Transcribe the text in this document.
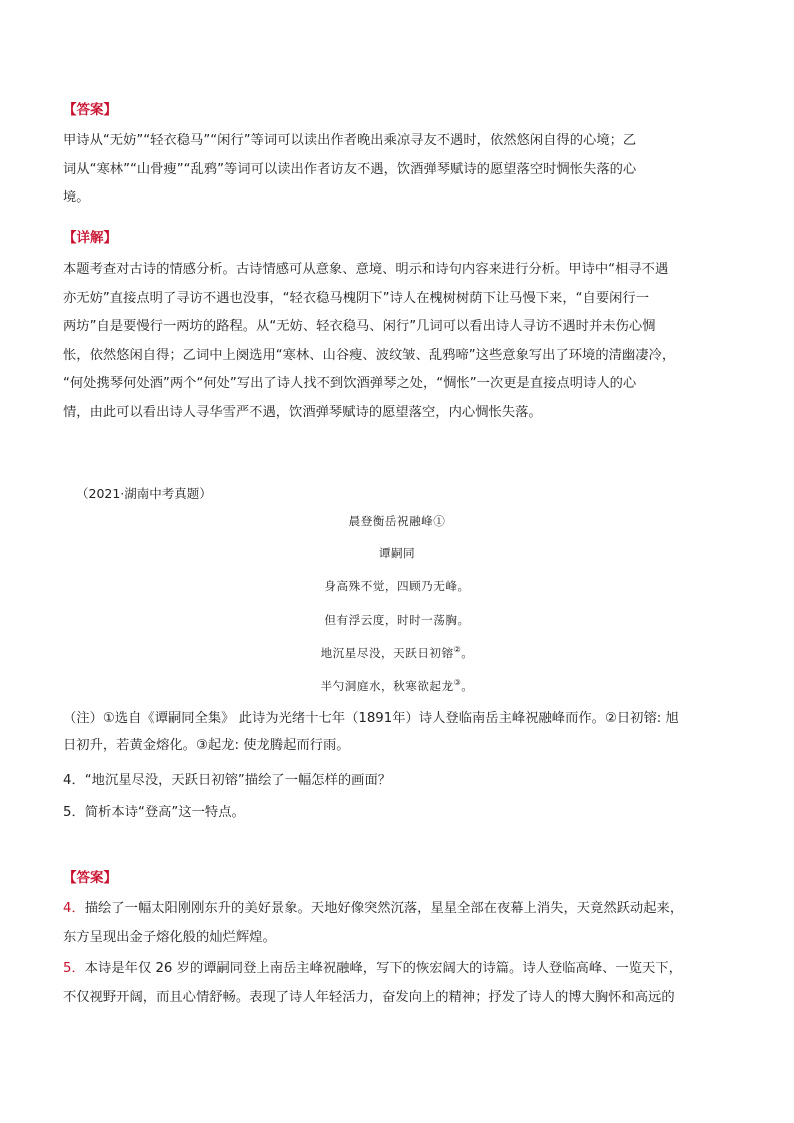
【答案】
甲诗从“无妨”“轻衣稳马”“闲行”等词可以读出作者晚出乘凉寻友不遇时，依然悠闲自得的心境；乙
词从“寒林”“山骨瘦”“乱鸦”等词可以读出作者访友不遇，饮酒弹琴赋诗的愿望落空时惆怅失落的心
境。
【详解】
本题考查对古诗的情感分析。古诗情感可从意象、意境、明示和诗句内容来进行分析。甲诗中“相寻不遇
亦无妨”直接点明了寻访不遇也没事，“轻衣稳马槐阴下”诗人在槐树树荫下让马慢下来，“自要闲行一
两坊”自是要慢行一两坊的路程。从“无妨、轻衣稳马、闲行”几词可以看出诗人寻访不遇时并未伤心惆
怅，依然悠闲自得；乙词中上阕选用“寒林、山谷瘦、波纹皱、乱鸦啼”这些意象写出了环境的清幽凄冷，
“何处携琴何处酒”两个“何处”写出了诗人找不到饮酒弹琴之处，“惆怅”一次更是直接点明诗人的心
情，由此可以看出诗人寻华雪严不遇，饮酒弹琴赋诗的愿望落空，内心惆怅失落。
（2021·湖南中考真题）
晨登衡岳祝融峰①
谭嗣同
身高殊不觉，四顾乃无峰。
但有浮云度，时时一荡胸。
地沉星尽没，天跃日初镕②。
半勺洞庭水，秋寒欲起龙③。
（注）①选自《谭嗣同全集》 此诗为光绪十七年（1891年）诗人登临南岳主峰祝融峰而作。②日初镕: 旭
日初升，若黄金熔化。③起龙: 使龙腾起而行雨。
4．“地沉星尽没，天跃日初镕”描绘了一幅怎样的画面？
5．简析本诗“登高”这一特点。
【答案】
4．描绘了一幅太阳刚刚东升的美好景象。天地好像突然沉落，星星全部在夜幕上消失，天竟然跃动起来，
东方呈现出金子熔化般的灿烂辉煌。
5．本诗是年仅 26 岁的谭嗣同登上南岳主峰祝融峰，写下的恢宏阔大的诗篇。诗人登临高峰、一览天下，
不仅视野开阔，而且心情舒畅。表现了诗人年轻活力，奋发向上的精神；抒发了诗人的博大胸怀和高远的
